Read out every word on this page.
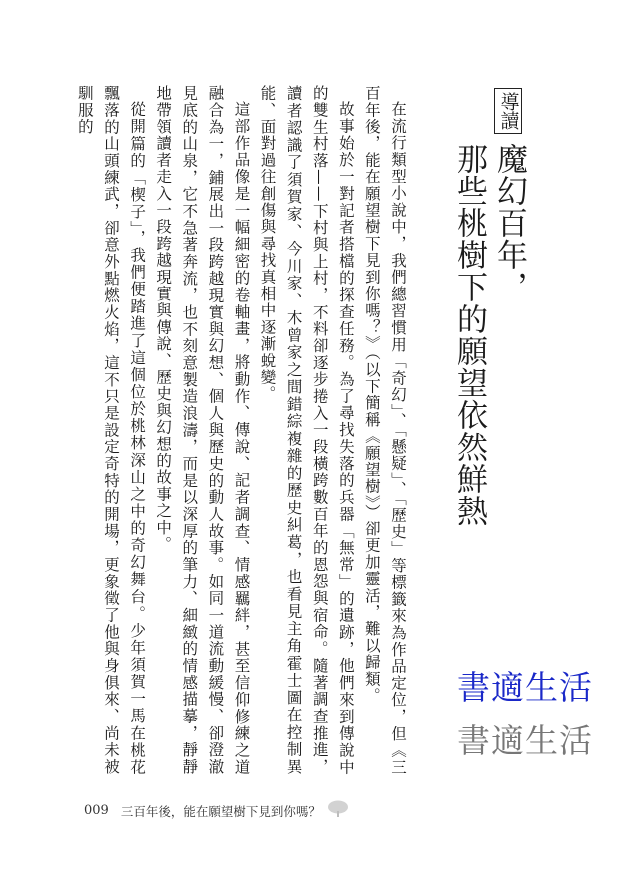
導讀
魔幻百年，
那些桃樹下的願望依然鮮熱

在流行類型小說中，我們總習慣用「奇幻」、「懸疑」、「歷史」等標籤來為作品定位，但《三百年後，能在願望樹下見到你嗎？》（以下簡稱《願望樹》）卻更加靈活，難以歸類。

故事始於一對記者搭檔的探查任務。為了尋找失落的兵器「無常」的遺跡，他們來到傳說中的雙生村落——下村與上村，不料卻逐步捲入一段橫跨數百年的恩怨與宿命。隨著調查推進，讀者認識了須賀家、今川家、木曾家之間錯綜複雜的歷史糾葛，也看見主角霍士圖在控制異能、面對過往創傷與尋找真相中逐漸蛻變。

這部作品像是一幅細密的卷軸畫，將動作、傳說、記者調查、情感羈絆，甚至信仰修練之道融合為一，鋪展出一段跨越現實與幻想、個人與歷史的動人故事。如同一道流動緩慢、卻澄澈見底的山泉，它不急著奔流，也不刻意製造浪濤，而是以深厚的筆力、細緻的情感描摹，靜靜地帶領讀者走入一段跨越現實與傳說、歷史與幻想的故事之中。

從開篇的「楔子」，我們便踏進了這個位於桃林深山之中的奇幻舞台。少年須賀一馬在桃花飄落的山頭練武，卻意外點燃火焰，這不只是設定奇特的開場，更象徵了他與身俱來、尚未被馴服的

書適生活
書適生活
009 三百年後，能在願望樹下見到你嗎？
